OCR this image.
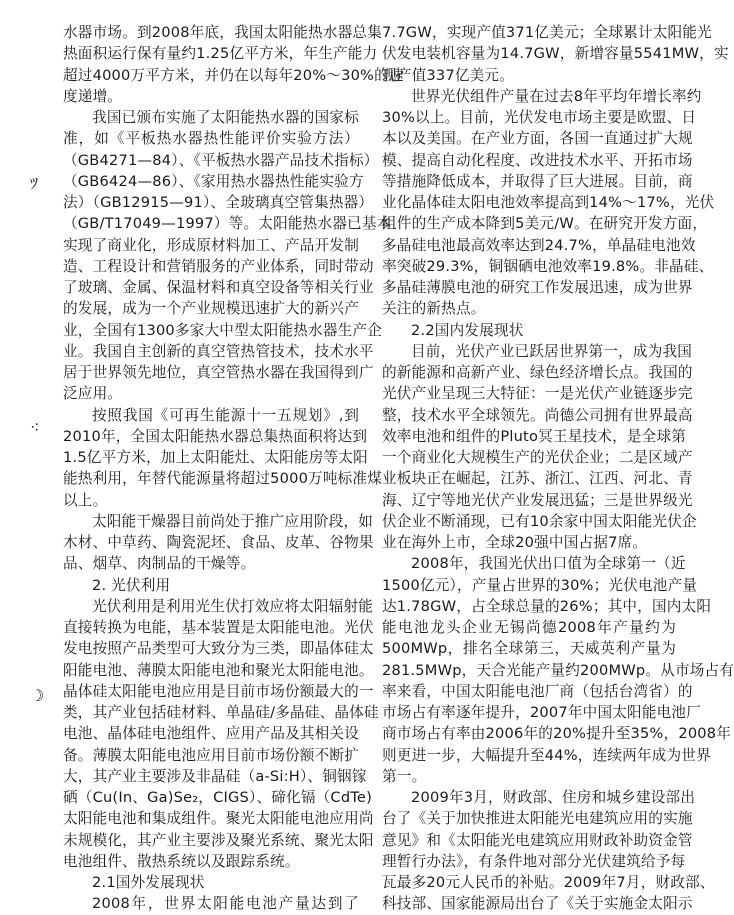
水器市场。到2008年底，我国太阳能热水器总集
热面积运行保有量约1.25亿平方米，年生产能力
超过4000万平方米，并仍在以每年20%～30%的速
度递增。
我国已颁布实施了太阳能热水器的国家标
准，如《平板热水器热性能评价实验方法）
（GB4271—84）、《平板热水器产品技术指标）
（GB6424—86）、《家用热水器热性能实验方
法）（GB12915—91）、全玻璃真空管集热器）
（GB/T17049—1997）等。太阳能热水器已基本
实现了商业化，形成原材料加工、产品开发制
造、工程设计和营销服务的产业体系，同时带动
了玻璃、金属、保温材料和真空设备等相关行业
的发展，成为一个产业规模迅速扩大的新兴产
业，全国有1300多家大中型太阳能热水器生产企
业。我国自主创新的真空管热管技术，技术水平
居于世界领先地位，真空管热水器在我国得到广
泛应用。
按照我国《可再生能源十一五规划》,到
2010年，全国太阳能热水器总集热面积将达到
1.5亿平方米，加上太阳能灶、太阳能房等太阳
能热利用，年替代能源量将超过5000万吨标准煤
以上。
太阳能干燥器目前尚处于推广应用阶段，如
木材、中草药、陶瓷泥坯、食品、皮革、谷物果
品、烟草、肉制品的干燥等。
2. 光伏利用
光伏利用是利用光生伏打效应将太阳辐射能
直接转换为电能，基本装置是太阳能电池。光伏
发电按照产品类型可大致分为三类，即晶体硅太
阳能电池、薄膜太阳能电池和聚光太阳能电池。
晶体硅太阳能电池应用是目前市场份额最大的一
类，其产业包括硅材料、单晶硅/多晶硅、晶体硅
电池、晶体硅电池组件、应用产品及其相关设
备。薄膜太阳能电池应用目前市场份额不断扩
大，其产业主要涉及非晶硅（a-Si:H）、铜铟镓
硒（Cu(In、Ga)Se₂，CIGS）、碲化镉（CdTe)
太阳能电池和集成组件。聚光太阳能电池应用尚
未规模化，其产业主要涉及聚光系统、聚光太阳
电池组件、散热系统以及跟踪系统。
2.1国外发展现状
2008年，世界太阳能电池产量达到了
7.7GW，实现产值371亿美元；全球累计太阳能光
伏发电装机容量为14.7GW，新增容量5541MW，实
现产值337亿美元。
世界光伏组件产量在过去8年平均年增长率约
30%以上。目前，光伏发电市场主要是欧盟、日
本以及美国。在产业方面，各国一直通过扩大规
模、提高自动化程度、改进技术水平、开拓市场
等措施降低成本，并取得了巨大进展。目前，商
业化晶体硅太阳电池效率提高到14%～17%，光伏
组件的生产成本降到5美元/W。在研究开发方面，
多晶硅电池最高效率达到24.7%，单晶硅电池效
率突破29.3%，铜铟硒电池效率19.8%。非晶硅、
多晶硅薄膜电池的研究工作发展迅速，成为世界
关注的新热点。
2.2国内发展现状
目前，光伏产业已跃居世界第一，成为我国
的新能源和高新产业、绿色经济增长点。我国的
光伏产业呈现三大特征：一是光伏产业链逐步完
整，技术水平全球领先。尚德公司拥有世界最高
效率电池和组件的Pluto冥王星技术，是全球第
一个商业化大规模生产的光伏企业；二是区域产
业板块正在崛起，江苏、浙江、江西、河北、青
海、辽宁等地光伏产业发展迅猛；三是世界级光
伏企业不断涌现，已有10余家中国太阳能光伏企
业在海外上市，全球20强中国占据7席。
2008年，我国光伏出口值为全球第一（近
1500亿元），产量占世界的30%；光伏电池产量
达1.78GW，占全球总量的26%；其中，国内太阳
能电池龙头企业无锡尚德2008年产量约为
500MWp，排名全球第三，天威英利产量为
281.5MWp，天合光能产量约200MWp。从市场占有
率来看，中国太阳能电池厂商（包括台湾省）的
市场占有率逐年提升，2007年中国太阳能电池厂
商市场占有率由2006年的20%提升至35%，2008年
则更进一步，大幅提升至44%，连续两年成为世界
第一。
2009年3月，财政部、住房和城乡建设部出
台了《关于加快推进太阳能光电建筑应用的实施
意见》和《太阳能光电建筑应用财政补助资金管
理暂行办法》，有条件地对部分光伏建筑给予每
瓦最多20元人民币的补贴。2009年7月，财政部、
科技部、国家能源局出台了《关于实施金太阳示
ﾂ
⁖
☽
